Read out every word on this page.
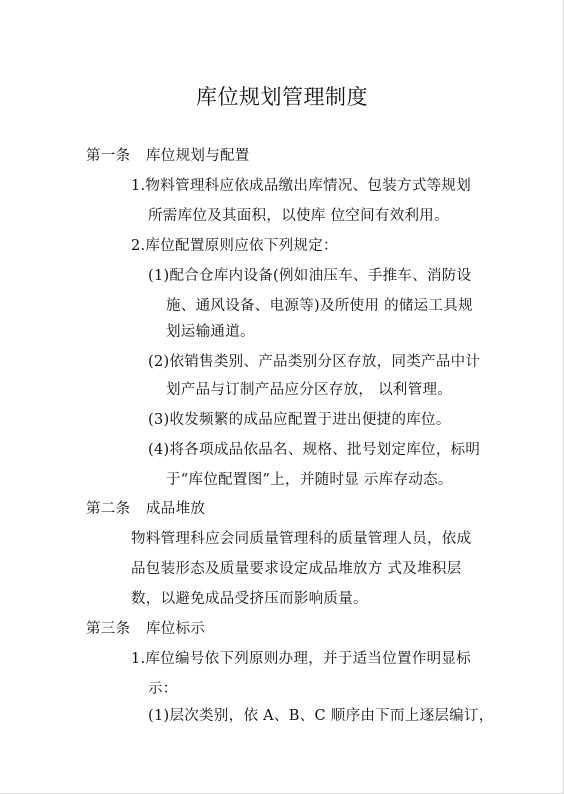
库位规划管理制度
第一条 库位规划与配置
1.物料管理科应依成品缴出库情况、包装方式等规划
所需库位及其面积，以使库 位空间有效利用。
2.库位配置原则应依下列规定：
(1)配合仓库内设备(例如油压车、手推车、消防设
施、通风设备、电源等)及所使用 的储运工具规
划运输通道。
(2)依销售类别、产品类别分区存放，同类产品中计
划产品与订制产品应分区存放， 以利管理。
(3)收发频繁的成品应配置于进出便捷的库位。
(4)将各项成品依品名、规格、批号划定库位，标明
于“库位配置图”上，并随时显 示库存动态。
第二条 成品堆放
物料管理科应会同质量管理科的质量管理人员，依成
品包装形态及质量要求设定成品堆放方 式及堆积层
数，以避免成品受挤压而影响质量。
第三条 库位标示
1.库位编号依下列原则办理，并于适当位置作明显标
示：
(1)层次类别，依 A、B、C 顺序由下而上逐层编订，
